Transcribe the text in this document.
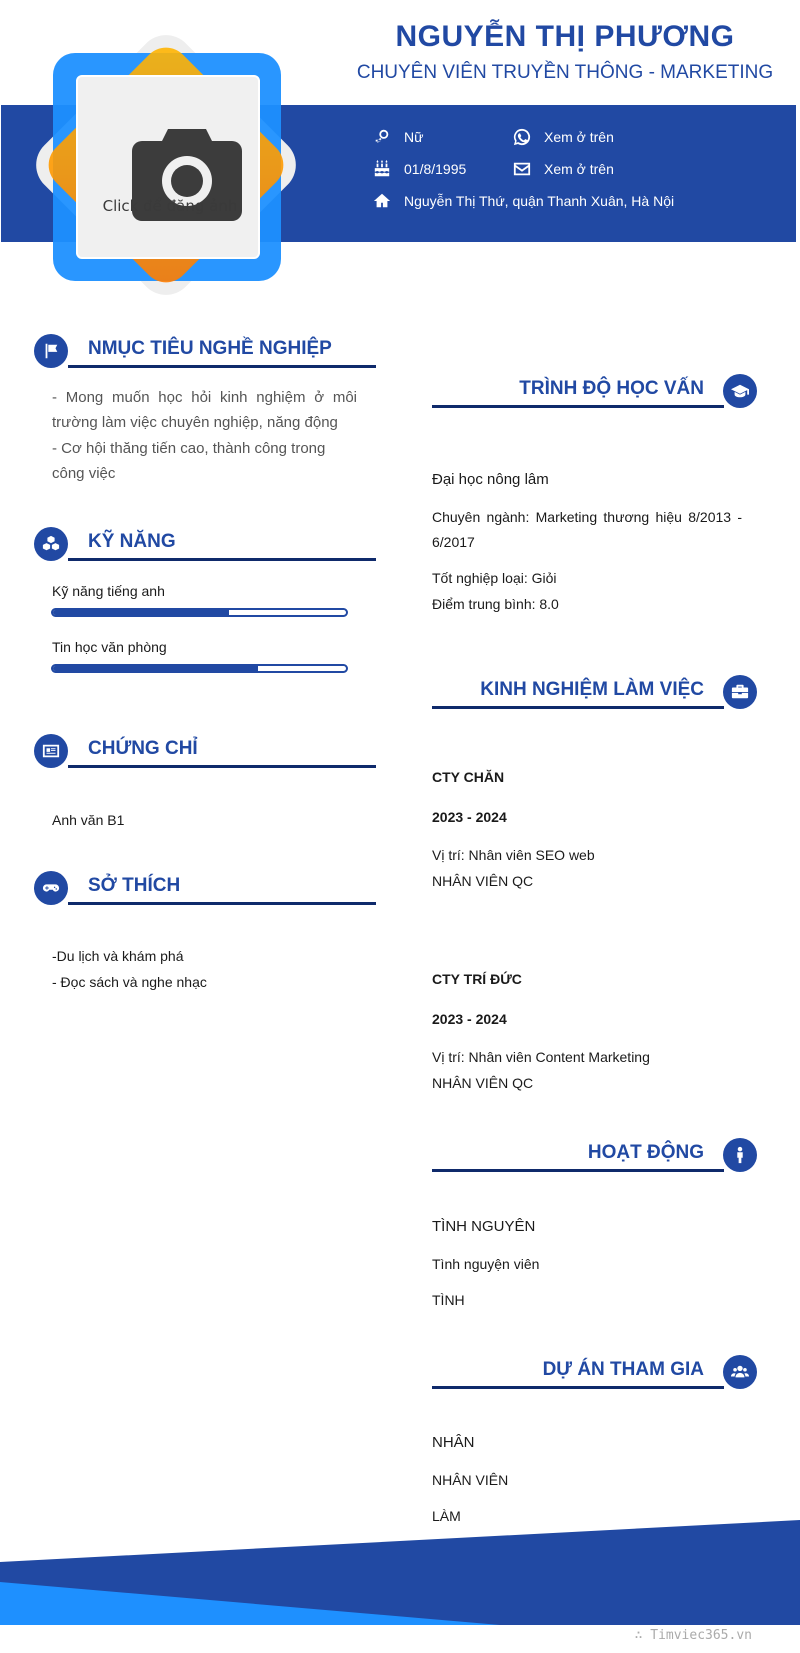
NGUYỄN THỊ PHƯƠNG
CHUYÊN VIÊN TRUYỀN THÔNG - MARKETING
Nữ	Xem ở trên
01/8/1995	Xem ở trên
Nguyễn Thị Thứ, quận Thanh Xuân, Hà Nội
Click để đăng ảnh
NMỤC TIÊU NGHỀ NGHIỆP
- Mong muốn học hỏi kinh nghiệm ở môi trường làm việc chuyên nghiệp, năng động
- Cơ hội thăng tiến cao, thành công trong công việc
KỸ NĂNG
Kỹ năng tiếng anh
Tin học văn phòng
CHỨNG CHỈ
Anh văn B1
SỞ THÍCH
-Du lịch và khám phá
- Đọc sách và nghe nhạc
TRÌNH ĐỘ HỌC VẤN
Đại học nông lâm
Chuyên ngành: Marketing thương hiệu 8/2013 - 6/2017
Tốt nghiệp loại: Giỏi
Điểm trung bình: 8.0
KINH NGHIỆM LÀM VIỆC
CTY CHĂN
2023 - 2024
Vị trí: Nhân viên SEO web
NHÂN VIÊN QC
CTY TRÍ ĐỨC
2023 - 2024
Vị trí: Nhân viên Content Marketing
NHÂN VIÊN QC
HOẠT ĐỘNG
TÌNH NGUYÊN
Tình nguyện viên
TÌNH
DỰ ÁN THAM GIA
NHÂN
NHÂN VIÊN
LÀM
∴ Timviec365.vn
